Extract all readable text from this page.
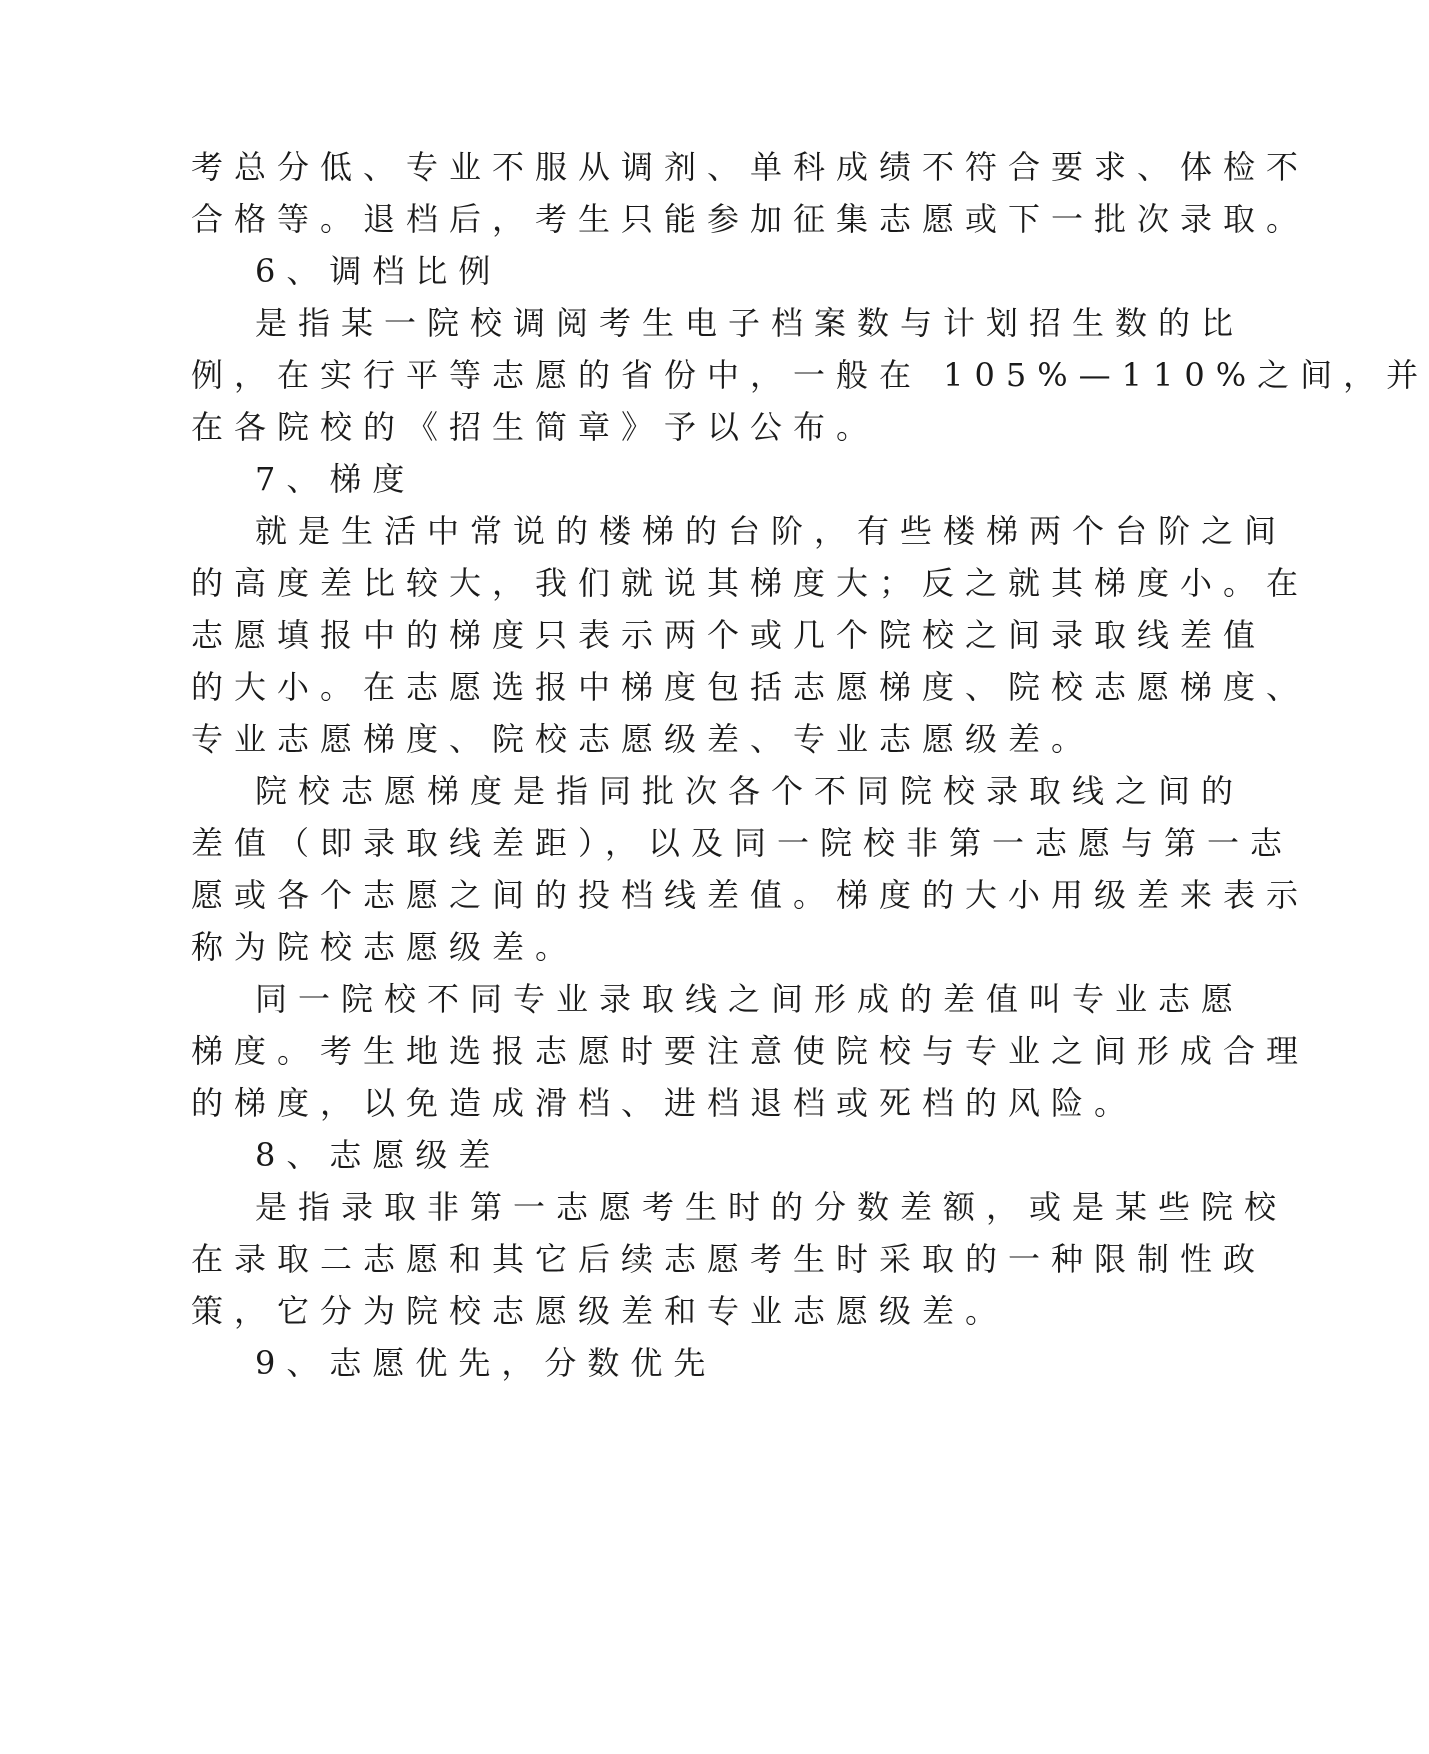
考总分低、专业不服从调剂、单科成绩不符合要求、体检不
合格等。退档后，考生只能参加征集志愿或下一批次录取。
6、调档比例
是指某一院校调阅考生电子档案数与计划招生数的比
例，在实行平等志愿的省份中，一般在 105%—110%之间，并
在各院校的《招生简章》予以公布。
7、梯度
就是生活中常说的楼梯的台阶，有些楼梯两个台阶之间
的高度差比较大，我们就说其梯度大；反之就其梯度小。在
志愿填报中的梯度只表示两个或几个院校之间录取线差值
的大小。在志愿选报中梯度包括志愿梯度、院校志愿梯度、
专业志愿梯度、院校志愿级差、专业志愿级差。
院校志愿梯度是指同批次各个不同院校录取线之间的
差值（即录取线差距），以及同一院校非第一志愿与第一志
愿或各个志愿之间的投档线差值。梯度的大小用级差来表示
称为院校志愿级差。
同一院校不同专业录取线之间形成的差值叫专业志愿
梯度。考生地选报志愿时要注意使院校与专业之间形成合理
的梯度，以免造成滑档、进档退档或死档的风险。
8、志愿级差
是指录取非第一志愿考生时的分数差额，或是某些院校
在录取二志愿和其它后续志愿考生时采取的一种限制性政
策，它分为院校志愿级差和专业志愿级差。
9、志愿优先，分数优先
